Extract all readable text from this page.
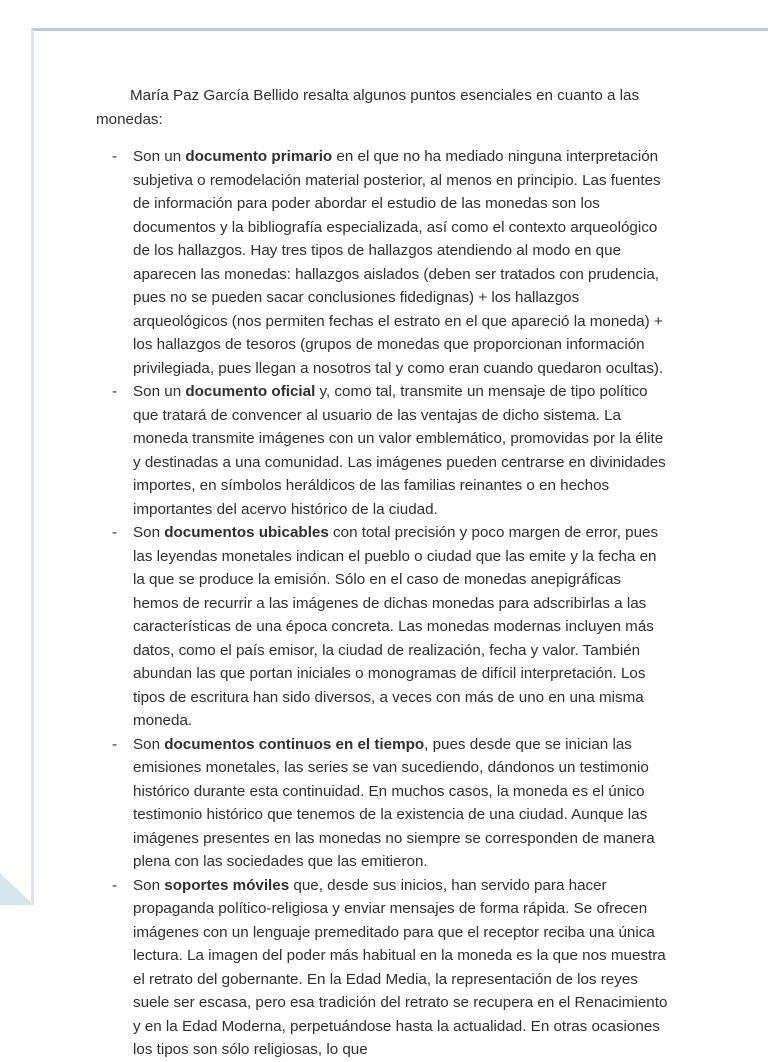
María Paz García Bellido resalta algunos puntos esenciales en cuanto a las monedas:

-	Son un documento primario en el que no ha mediado ninguna interpretación subjetiva o remodelación material posterior, al menos en principio. Las fuentes de información para poder abordar el estudio de las monedas son los documentos y la bibliografía especializada, así como el contexto arqueológico de los hallazgos. Hay tres tipos de hallazgos atendiendo al modo en que aparecen las monedas: hallazgos aislados (deben ser tratados con prudencia, pues no se pueden sacar conclusiones fidedignas) + los hallazgos arqueológicos (nos permiten fechas el estrato en el que apareció la moneda) + los hallazgos de tesoros (grupos de monedas que proporcionan información privilegiada, pues llegan a nosotros tal y como eran cuando quedaron ocultas).
-	Son un documento oficial y, como tal, transmite un mensaje de tipo político que tratará de convencer al usuario de las ventajas de dicho sistema. La moneda transmite imágenes con un valor emblemático, promovidas por la élite y destinadas a una comunidad. Las imágenes pueden centrarse en divinidades importes, en símbolos heráldicos de las familias reinantes o en hechos importantes del acervo histórico de la ciudad.
-	Son documentos ubicables con total precisión y poco margen de error, pues las leyendas monetales indican el pueblo o ciudad que las emite y la fecha en la que se produce la emisión. Sólo en el caso de monedas anepigráficas hemos de recurrir a las imágenes de dichas monedas para adscribirlas a las características de una época concreta. Las monedas modernas incluyen más datos, como el país emisor, la ciudad de realización, fecha y valor. También abundan las que portan iniciales o monogramas de difícil interpretación. Los tipos de escritura han sido diversos, a veces con más de uno en una misma moneda.
-	Son documentos continuos en el tiempo, pues desde que se inician las emisiones monetales, las series se van sucediendo, dándonos un testimonio histórico durante esta continuidad. En muchos casos, la moneda es el único testimonio histórico que tenemos de la existencia de una ciudad. Aunque las imágenes presentes en las monedas no siempre se corresponden de manera plena con las sociedades que las emitieron.
-	Son soportes móviles que, desde sus inicios, han servido para hacer propaganda político-religiosa y enviar mensajes de forma rápida. Se ofrecen imágenes con un lenguaje premeditado para que el receptor reciba una única lectura. La imagen del poder más habitual en la moneda es la que nos muestra el retrato del gobernante. En la Edad Media, la representación de los reyes suele ser escasa, pero esa tradición del retrato se recupera en el Renacimiento y en la Edad Moderna, perpetuándose hasta la actualidad. En otras ocasiones los tipos son sólo religiosas, lo que
